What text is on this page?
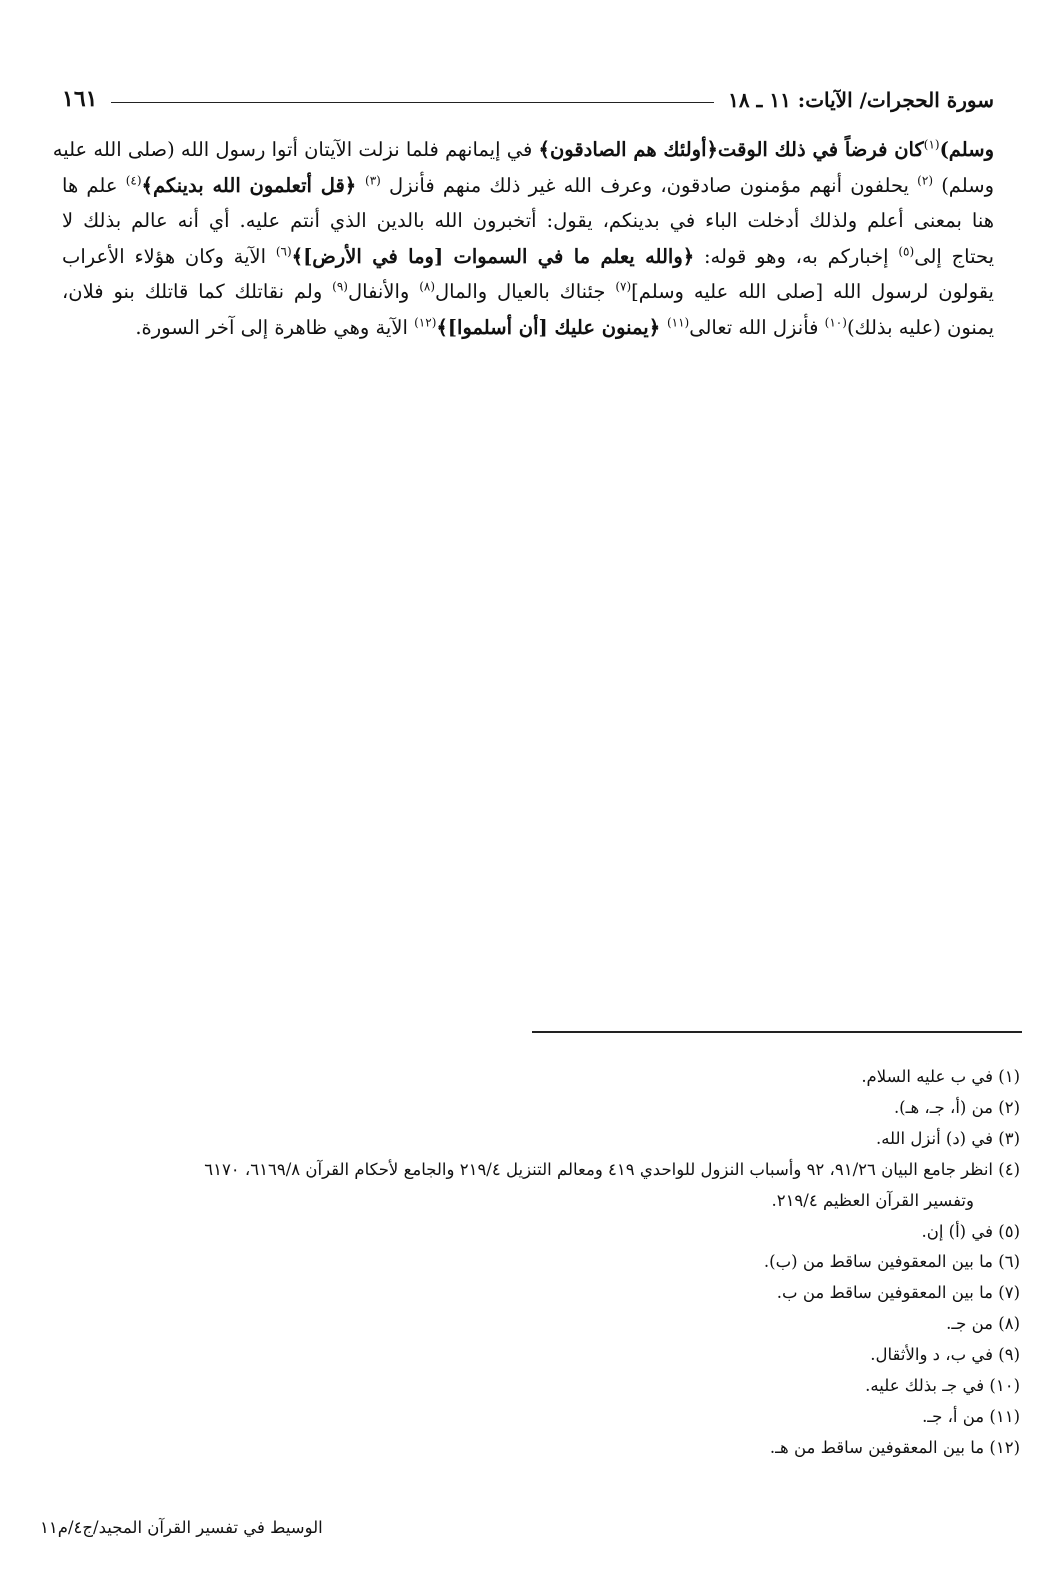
سورة الحجرات/ الآيات: ١١ ـ ١٨
١٦١
وسلم)$^{(١)}$كان فرضاً في ذلك الوقت﴿أولئك هم الصادقون﴾ في إيمانهم فلما نزلت الآيتان أتوا رسول الله (صلى الله عليه
وسلم) $^{(٢)}$ يحلفون أنهم مؤمنون صادقون، وعرف الله غير ذلك منهم فأنزل $^{(٣)}$ ﴿قل أتعلمون الله بدينكم﴾$^{(٤)}$ علم ها
هنا بمعنى أعلم ولذلك أدخلت الباء في بدينكم، يقول: أتخبرون الله بالدين الذي أنتم عليه. أي أنه عالم بذلك لا
يحتاج إلى$^{(٥)}$ إخباركم به، وهو قوله: ﴿والله يعلم ما في السموات [وما في الأرض]﴾$^{(٦)}$ الآية وكان هؤلاء الأعراب
يقولون لرسول الله [صلى الله عليه وسلم]$^{(٧)}$ جئناك بالعيال والمال$^{(٨)}$ والأنفال$^{(٩)}$ ولم نقاتلك كما قاتلك بنو فلان،
يمنون (عليه بذلك)$^{(١٠)}$ فأنزل الله تعالى$^{(١١)}$ ﴿يمنون عليك [أن أسلموا]﴾$^{(١٢)}$ الآية وهي ظاهرة إلى آخر السورة.
(١) في ب عليه السلام.
(٢) من (أ، جـ، هـ).
(٣) في (د) أنزل الله.
(٤) انظر جامع البيان ٩١/٢٦، ٩٢ وأسباب النزول للواحدي ٤١٩ ومعالم التنزيل ٢١٩/٤ والجامع لأحكام القرآن ٦١٦٩/٨، ٦١٧٠
وتفسير القرآن العظيم ٢١٩/٤.
(٥) في (أ) إن.
(٦) ما بين المعقوفين ساقط من (ب).
(٧) ما بين المعقوفين ساقط من ب.
(٨) من جـ.
(٩) في ب، د والأثقال.
(١٠) في جـ بذلك عليه.
(١١) من أ، جـ.
(١٢) ما بين المعقوفين ساقط من هـ.
الوسيط في تفسير القرآن المجيد/ج٤/م١١
